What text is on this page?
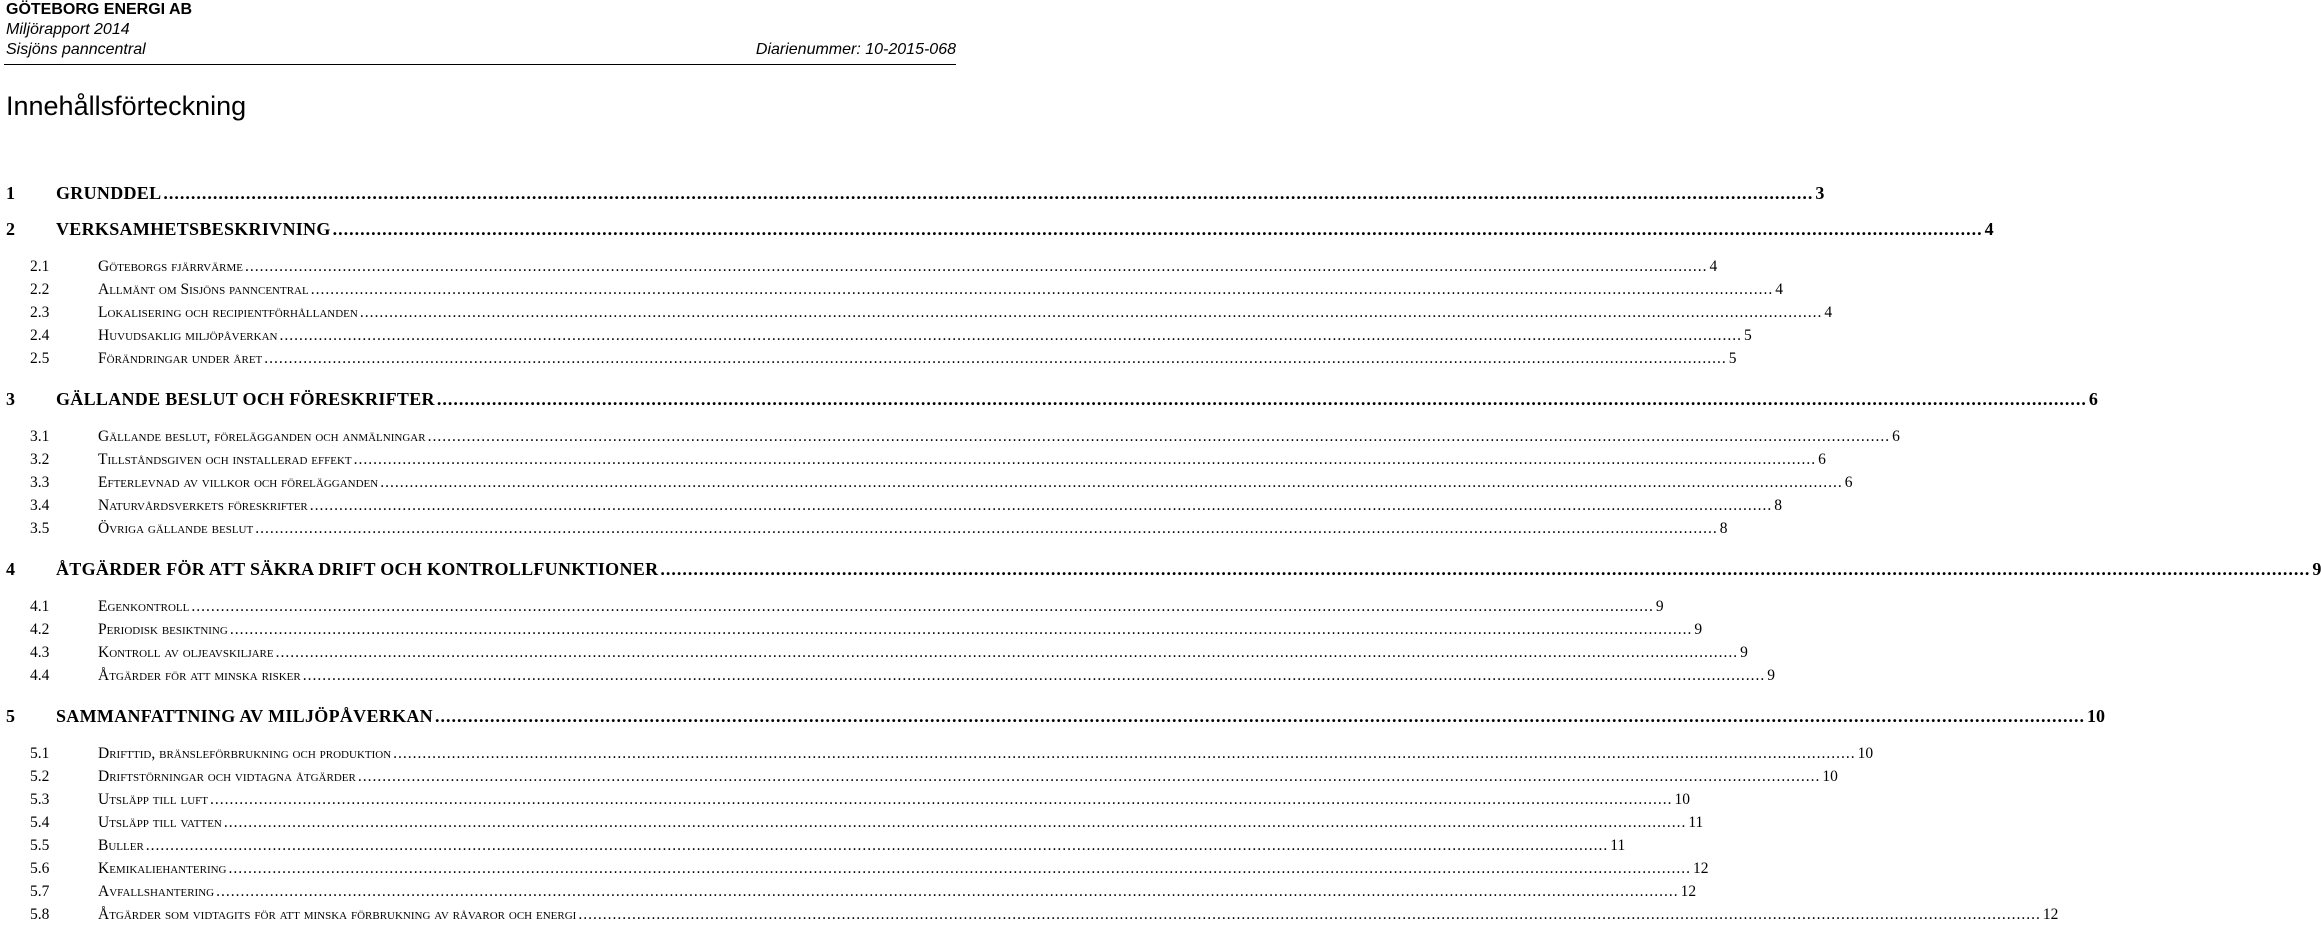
GÖTEBORG ENERGI AB
Miljörapport 2014
Sisjöns panncentral	Diarienummer: 10-2015-068
Innehållsförteckning
1 GRUNDDEL ............................................................................................................................................................................................................................................................................................................ 3
2 VERKSAMHETSBESKRIVNING ............................................................................................................................................................................................................................................................................................................ 4
2.1	Göteborgs fjärrvärme ............................................................................................................................................................................................................................................................................................................ 4
2.2	Allmänt om Sisjöns panncentral ............................................................................................................................................................................................................................................................................................................ 4
2.3	Lokalisering och recipientförhållanden ............................................................................................................................................................................................................................................................................................................ 4
2.4	Huvudsaklig miljöpåverkan ............................................................................................................................................................................................................................................................................................................ 5
2.5	Förändringar under året ............................................................................................................................................................................................................................................................................................................ 5
3 GÄLLANDE BESLUT OCH FÖRESKRIFTER ............................................................................................................................................................................................................................................................................................................ 6
3.1	Gällande beslut, förelägganden och anmälningar ............................................................................................................................................................................................................................................................................................................ 6
3.2	Tillståndsgiven och installerad effekt ............................................................................................................................................................................................................................................................................................................ 6
3.3	Efterlevnad av villkor och förelägganden ............................................................................................................................................................................................................................................................................................................ 6
3.4	Naturvårdsverkets föreskrifter ............................................................................................................................................................................................................................................................................................................ 8
3.5	Övriga gällande beslut ............................................................................................................................................................................................................................................................................................................ 8
4 ÅTGÄRDER FÖR ATT SÄKRA DRIFT OCH KONTROLLFUNKTIONER ............................................................................................................................................................................................................................................................................................................ 9
4.1	Egenkontroll ............................................................................................................................................................................................................................................................................................................ 9
4.2	Periodisk besiktning ............................................................................................................................................................................................................................................................................................................ 9
4.3	Kontroll av oljeavskiljare ............................................................................................................................................................................................................................................................................................................ 9
4.4	Åtgärder för att minska risker ............................................................................................................................................................................................................................................................................................................ 9
5 SAMMANFATTNING AV MILJÖPÅVERKAN ............................................................................................................................................................................................................................................................................................................ 10
5.1	Drifttid, bränsleförbrukning och produktion ............................................................................................................................................................................................................................................................................................................ 10
5.2	Driftstörningar och vidtagna åtgärder ............................................................................................................................................................................................................................................................................................................ 10
5.3	Utsläpp till luft ............................................................................................................................................................................................................................................................................................................ 10
5.4	Utsläpp till vatten ............................................................................................................................................................................................................................................................................................................ 11
5.5	Buller ............................................................................................................................................................................................................................................................................................................ 11
5.6	Kemikaliehantering ............................................................................................................................................................................................................................................................................................................ 12
5.7	Avfallshantering ............................................................................................................................................................................................................................................................................................................ 12
5.8	Åtgärder som vidtagits för att minska förbrukning av råvaror och energi ............................................................................................................................................................................................................................................................................................................ 12
